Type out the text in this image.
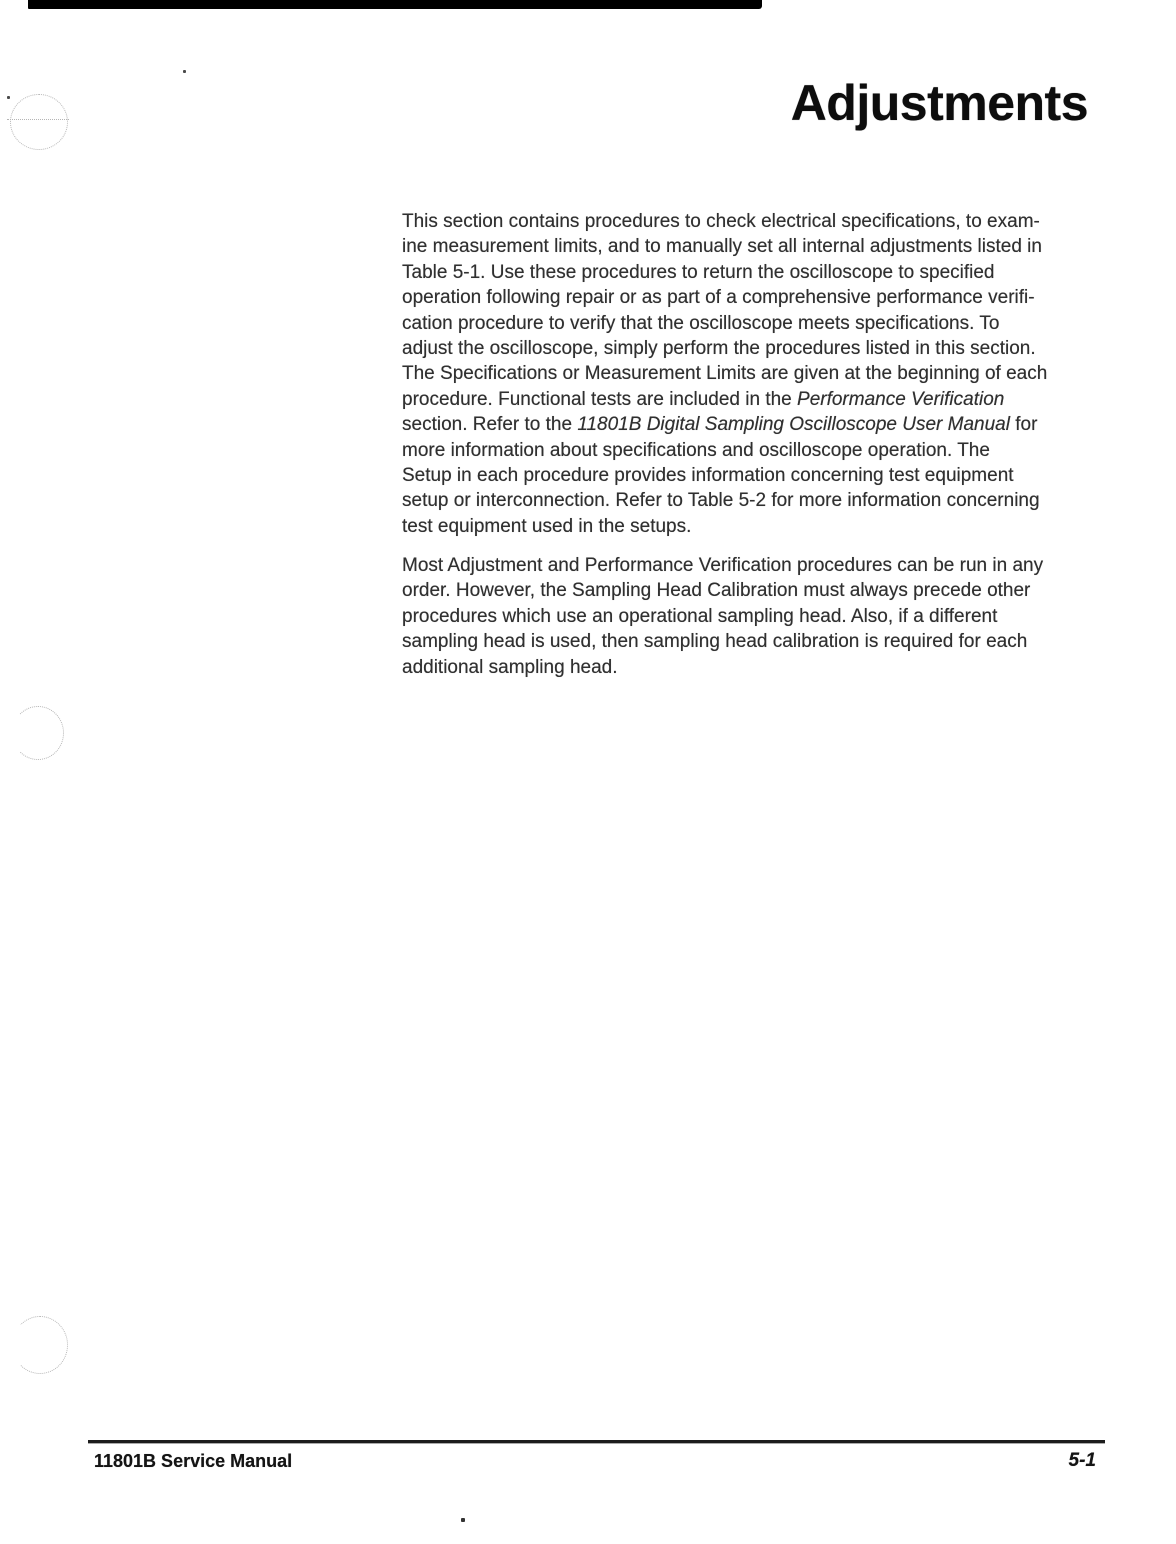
Adjustments
This section contains procedures to check electrical specifications, to exam-
ine measurement limits, and to manually set all internal adjustments listed in
Table 5-1. Use these procedures to return the oscilloscope to specified
operation following repair or as part of a comprehensive performance verifi-
cation procedure to verify that the oscilloscope meets specifications. To
adjust the oscilloscope, simply perform the procedures listed in this section.
The Specifications or Measurement Limits are given at the beginning of each
procedure. Functional tests are included in the Performance Verification
section. Refer to the 11801B Digital Sampling Oscilloscope User Manual for
more information about specifications and oscilloscope operation. The
Setup in each procedure provides information concerning test equipment
setup or interconnection. Refer to Table 5-2 for more information concerning
test equipment used in the setups.
Most Adjustment and Performance Verification procedures can be run in any
order. However, the Sampling Head Calibration must always precede other
procedures which use an operational sampling head. Also, if a different
sampling head is used, then sampling head calibration is required for each
additional sampling head.
11801B Service Manual	5-1
